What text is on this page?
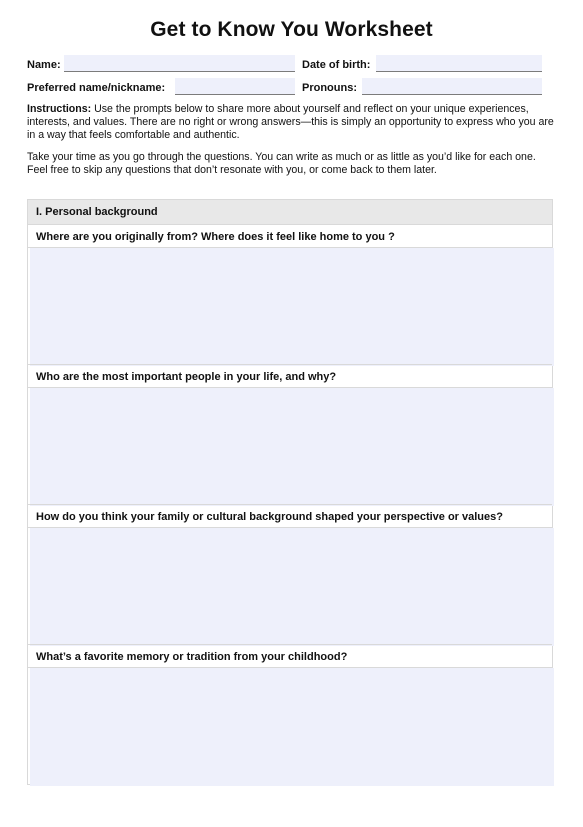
Get to Know You Worksheet
Name:	Date of birth:
Preferred name/nickname:	Pronouns:
Instructions: Use the prompts below to share more about yourself and reflect on your unique experiences, interests, and values. There are no right or wrong answers—this is simply an opportunity to express who you are in a way that feels comfortable and authentic.
Take your time as you go through the questions. You can write as much or as little as you’d like for each one. Feel free to skip any questions that don’t resonate with you, or come back to them later.
I. Personal background
Where are you originally from? Where does it feel like home to you ?
Who are the most important people in your life, and why?
How do you think your family or cultural background shaped your perspective or values?
What’s a favorite memory or tradition from your childhood?
